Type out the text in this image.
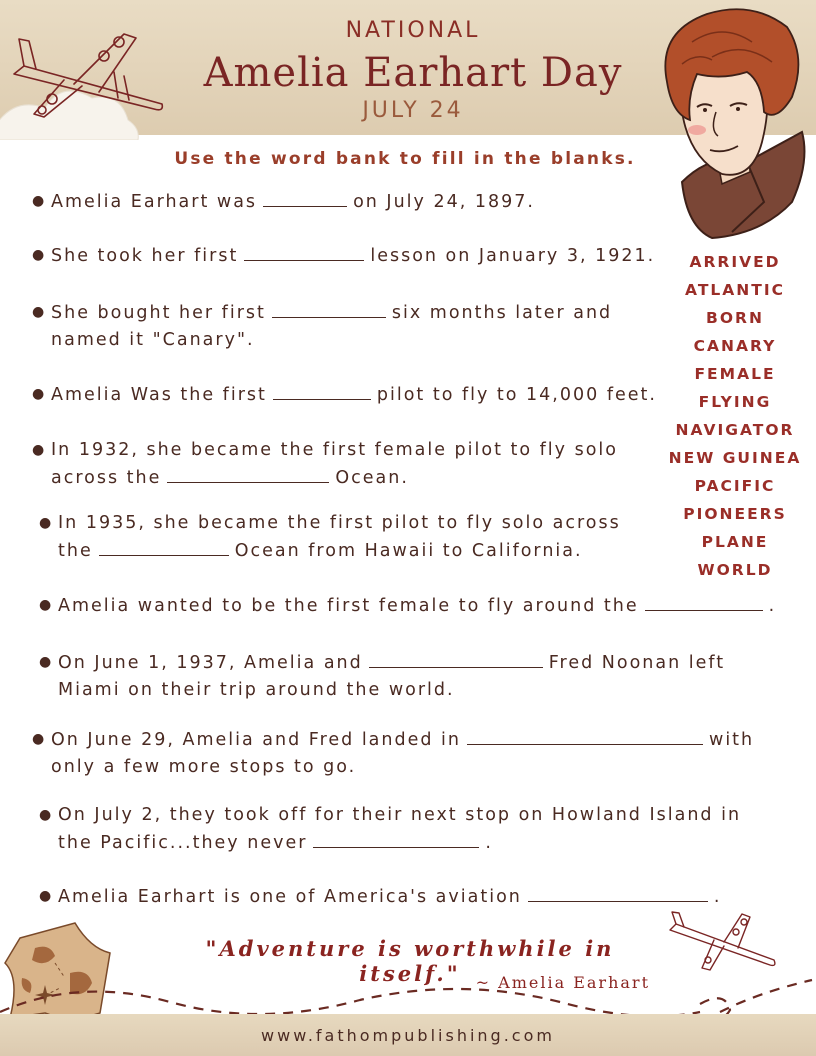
NATIONAL
Amelia Earhart Day
JULY 24
Use the word bank to fill in the blanks.
● Amelia Earhart was	on July 24, 1897.
● She took her first	lesson on January 3, 1921.
● She bought her first	six months later and
named it "Canary".
● Amelia Was the first	pilot to fly to 14,000 feet.
● In 1932, she became the first female pilot to fly solo
across the	Ocean.
● In 1935, she became the first pilot to fly solo across
the	Ocean from Hawaii to California.
● Amelia wanted to be the first female to fly around the	.
● On June 1, 1937, Amelia and	Fred Noonan left
Miami on their trip around the world.
● On June 29, Amelia and Fred landed in	with
only a few more stops to go.
● On July 2, they took off for their next stop on Howland Island in
the Pacific...they never	.
● Amelia Earhart is one of America's aviation	.
ARRIVED
ATLANTIC
BORN
CANARY
FEMALE
FLYING
NAVIGATOR
NEW GUINEA
PACIFIC
PIONEERS
PLANE
WORLD
"Adventure is worthwhile in itself." ~ Amelia Earhart
www.fathompublishing.com
